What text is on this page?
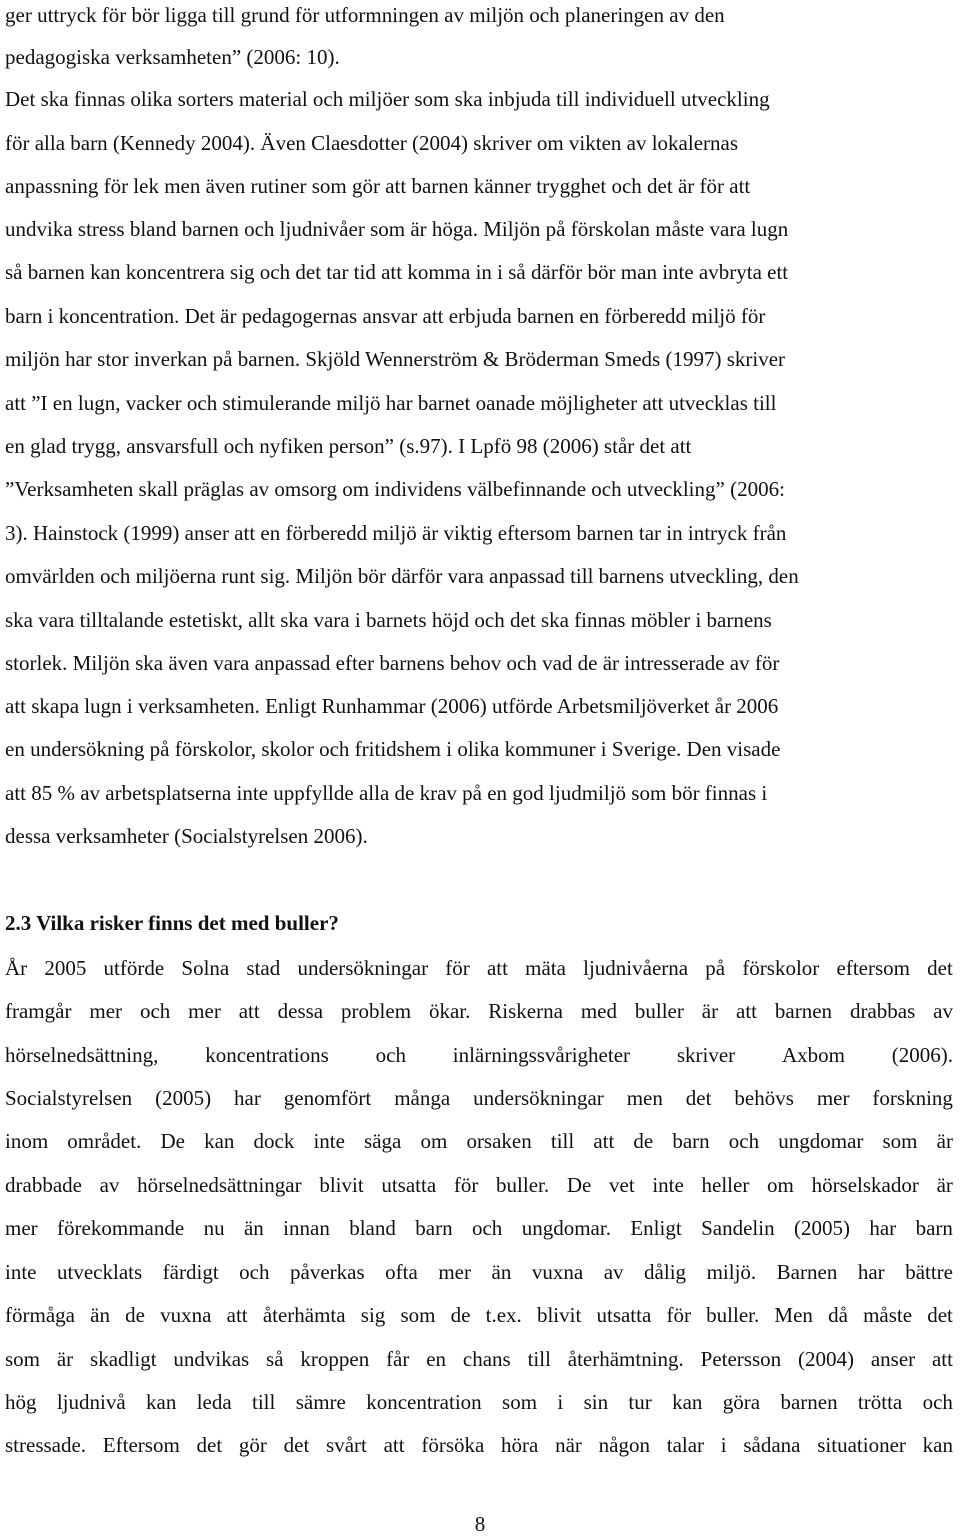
ger uttryck för bör ligga till grund för utformningen av miljön och planeringen av den
pedagogiska verksamheten” (2006: 10).
Det ska finnas olika sorters material och miljöer som ska inbjuda till individuell utveckling
för alla barn (Kennedy 2004). Även Claesdotter (2004) skriver om vikten av lokalernas
anpassning för lek men även rutiner som gör att barnen känner trygghet och det är för att
undvika stress bland barnen och ljudnivåer som är höga. Miljön på förskolan måste vara lugn
så barnen kan koncentrera sig och det tar tid att komma in i så därför bör man inte avbryta ett
barn i koncentration. Det är pedagogernas ansvar att erbjuda barnen en förberedd miljö för
miljön har stor inverkan på barnen. Skjöld Wennerström & Bröderman Smeds (1997) skriver
att ”I en lugn, vacker och stimulerande miljö har barnet oanade möjligheter att utvecklas till
en glad trygg, ansvarsfull och nyfiken person” (s.97). I Lpfö 98 (2006) står det att
”Verksamheten skall präglas av omsorg om individens välbefinnande och utveckling” (2006:
3). Hainstock (1999) anser att en förberedd miljö är viktig eftersom barnen tar in intryck från
omvärlden och miljöerna runt sig. Miljön bör därför vara anpassad till barnens utveckling, den
ska vara tilltalande estetiskt, allt ska vara i barnets höjd och det ska finnas möbler i barnens
storlek. Miljön ska även vara anpassad efter barnens behov och vad de är intresserade av för
att skapa lugn i verksamheten. Enligt Runhammar (2006) utförde Arbetsmiljöverket år 2006
en undersökning på förskolor, skolor och fritidshem i olika kommuner i Sverige. Den visade
att 85 % av arbetsplatserna inte uppfyllde alla de krav på en god ljudmiljö som bör finnas i
dessa verksamheter (Socialstyrelsen 2006).
2.3 Vilka risker finns det med buller?
År 2005 utförde Solna stad undersökningar för att mäta ljudnivåerna på förskolor eftersom det
framgår mer och mer att dessa problem ökar. Riskerna med buller är att barnen drabbas av
hörselnedsättning, koncentrations och inlärningssvårigheter skriver Axbom (2006).
Socialstyrelsen (2005) har genomfört många undersökningar men det behövs mer forskning
inom området. De kan dock inte säga om orsaken till att de barn och ungdomar som är
drabbade av hörselnedsättningar blivit utsatta för buller. De vet inte heller om hörselskador är
mer förekommande nu än innan bland barn och ungdomar. Enligt Sandelin (2005) har barn
inte utvecklats färdigt och påverkas ofta mer än vuxna av dålig miljö. Barnen har bättre
förmåga än de vuxna att återhämta sig som de t.ex. blivit utsatta för buller. Men då måste det
som är skadligt undvikas så kroppen får en chans till återhämtning. Petersson (2004) anser att
hög ljudnivå kan leda till sämre koncentration som i sin tur kan göra barnen trötta och
stressade. Eftersom det gör det svårt att försöka höra när någon talar i sådana situationer kan
8
